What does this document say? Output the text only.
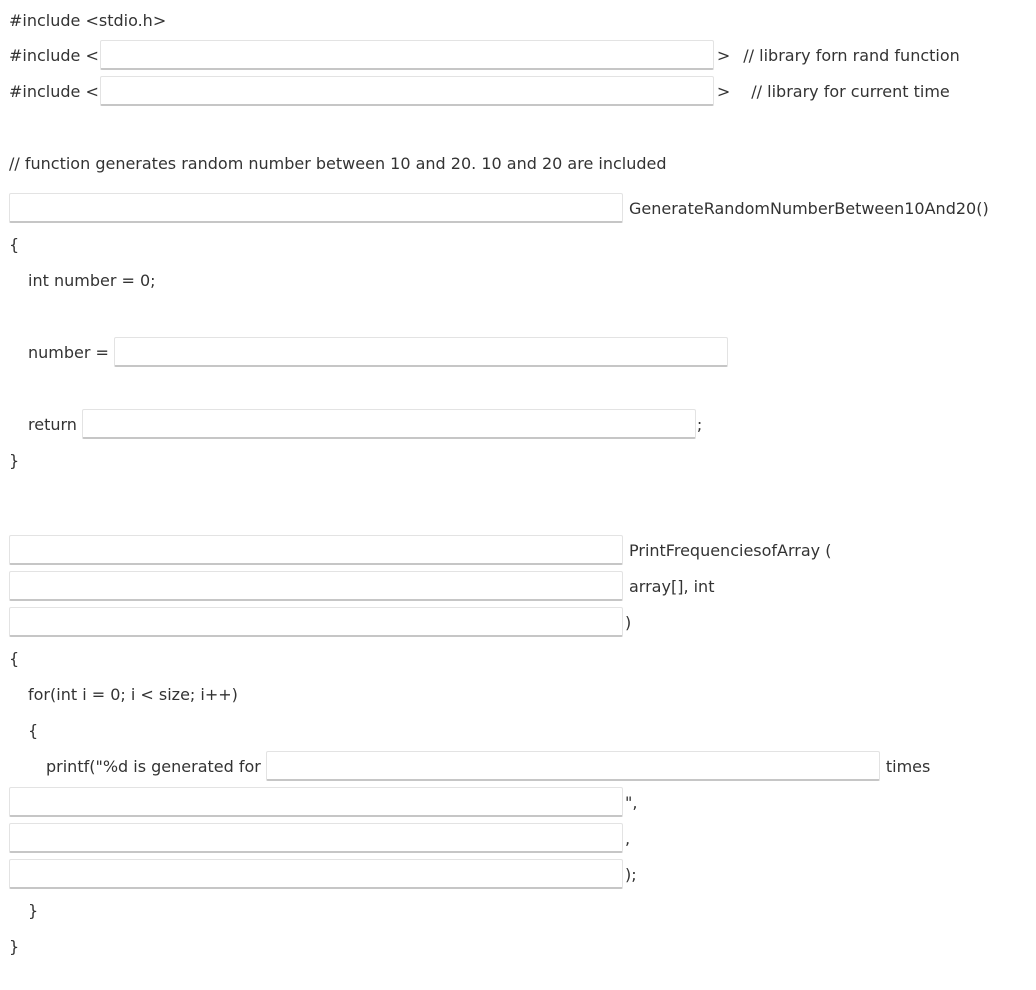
#include <stdio.h>
#include <	> // library forn rand function
#include <	> // library for current time
// function generates random number between 10 and 20. 10 and 20 are included
GenerateRandomNumberBetween10And20()
{
int number = 0;
number =
return	;
}
PrintFrequenciesofArray (
array[], int
)
{
for(int i = 0; i < size; i++)
{
printf("%d is generated for	times
",
,
);
}
}
